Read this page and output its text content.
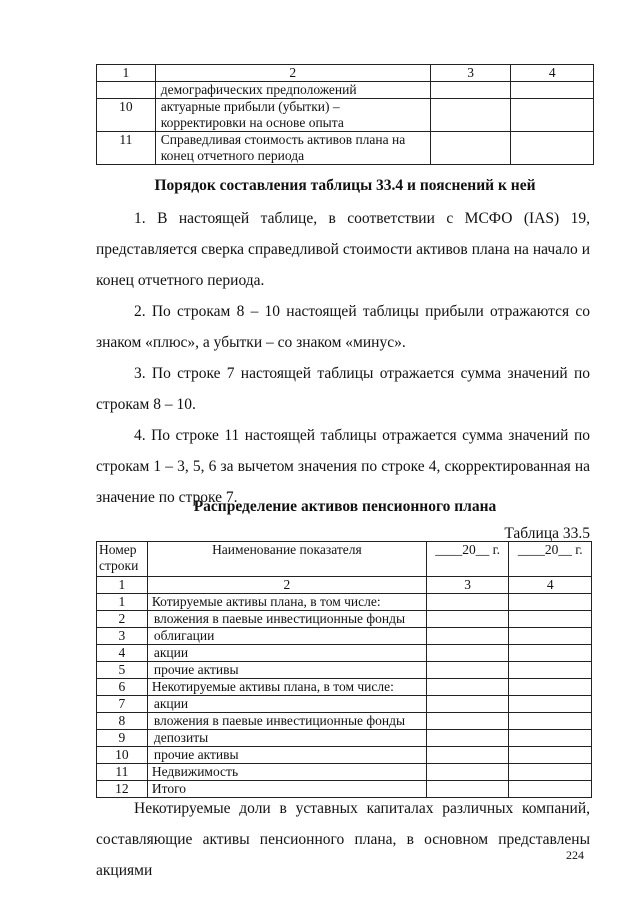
1	2	3	4

	демографических предположений		

10	актуарные прибыли (убытки) –
корректировки на основе опыта		

11	Справедливая стоимость активов плана на
конец отчетного периода		

Порядок составления таблицы 33.4 и пояснений к ней
1. В настоящей таблице, в соответствии с МСФО (IAS) 19, представляется сверка справедливой стоимости активов плана на начало и конец отчетного периода.
2. По строкам 8 – 10 настоящей таблицы прибыли отражаются со знаком «плюс», а убытки – со знаком «минус».
3. По строке 7 настоящей таблицы отражается сумма значений по строкам 8 – 10.
4. По строке 11 настоящей таблицы отражается сумма значений по строкам 1 – 3, 5, 6 за вычетом значения по строке 4, скорректированная на значение по строке 7.
Распределение активов пенсионного плана
Таблица 33.5
Номер строки	Наименование показателя	____20__ г.	____20__ г.
1	2	3	4
1	Котируемые активы плана, в том числе:		
2	вложения в паевые инвестиционные фонды		
3	облигации		
4	акции		
5	прочие активы		
6	Некотируемые активы плана, в том числе:		
7	акции		
8	вложения в паевые инвестиционные фонды		
9	депозиты		
10	прочие активы		
11	Недвижимость		
12	Итого		
Некотируемые доли в уставных капиталах различных компаний, составляющие активы пенсионного плана, в основном представлены акциями
224
